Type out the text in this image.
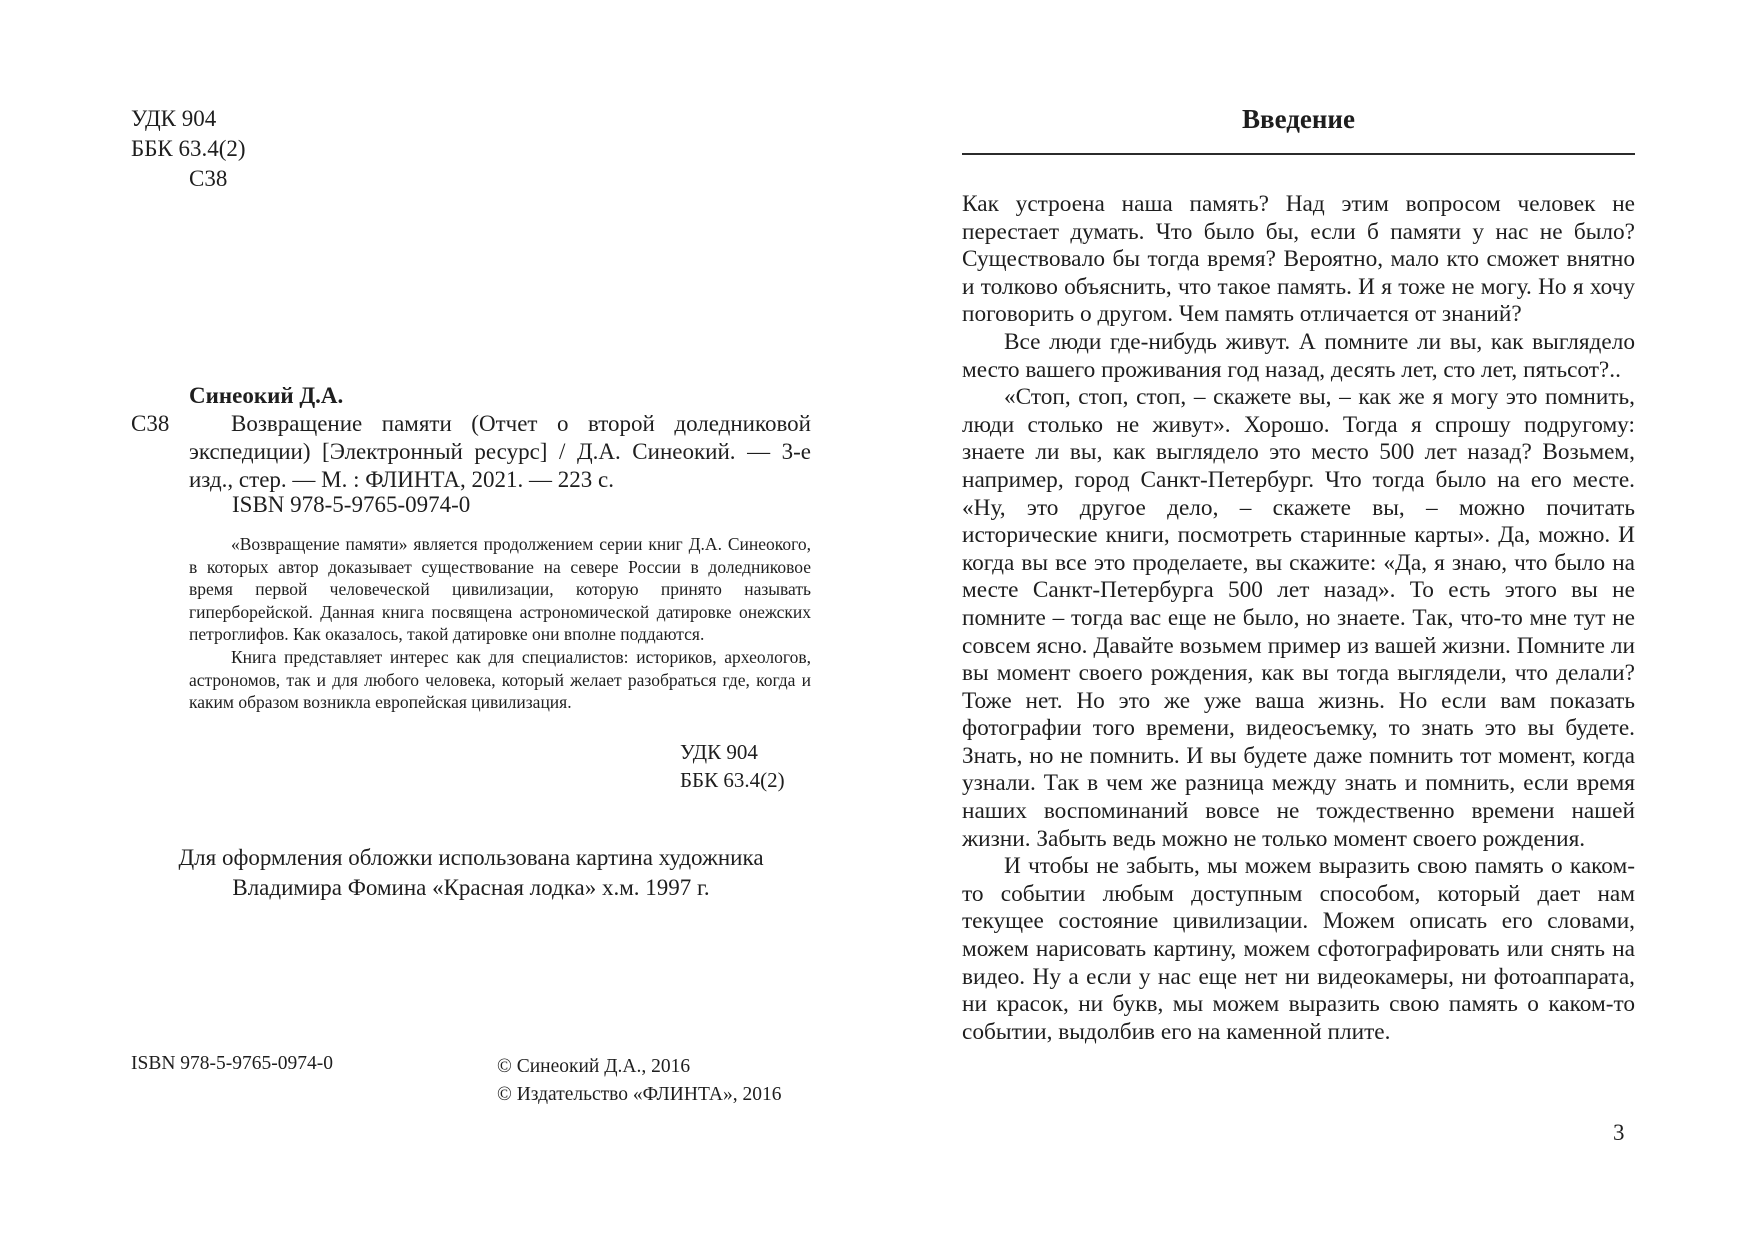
УДК 904
ББК 63.4(2)
С38
Синеокий Д.А.
С38	Возвращение памяти (Отчет о второй доледниковой экспедиции) [Электронный ресурс] / Д.А. Синеокий. — 3-е изд., стер. — М. : ФЛИНТА, 2021. — 223 с.
ISBN 978-5-9765-0974-0

«Возвращение памяти» является продолжением серии книг Д.А. Синеокого, в которых автор доказывает существование на севере России в доледниковое время первой человеческой цивилизации, которую принято называть гиперборейской. Данная книга посвящена астрономической датировке онежских петроглифов. Как оказалось, такой датировке они вполне поддаются.

Книга представляет интерес как для специалистов: историков, археологов, астрономов, так и для любого человека, который желает разобраться где, когда и каким образом возникла европейская цивилизация.

УДК 904
ББК 63.4(2)
Для оформления обложки использована картина художника
Владимира Фомина «Красная лодка» х.м. 1997 г.
ISBN 978-5-9765-0974-0	© Синеокий Д.А., 2016
© Издательство «ФЛИНТА», 2016
Введение

Как устроена наша память? Над этим вопросом человек не перестает думать. Что было бы, если б памяти у нас не было? Существовало бы тогда время? Вероятно, мало кто сможет внятно и толково объяснить, что такое память. И я тоже не могу. Но я хочу поговорить о другом. Чем память отличается от знаний?

Все люди где-нибудь живут. А помните ли вы, как выглядело место вашего проживания год назад, десять лет, сто лет, пятьсот?..

«Стоп, стоп, стоп, – скажете вы, – как же я могу это помнить, люди столько не живут». Хорошо. Тогда я спрошу подругому: знаете ли вы, как выглядело это место 500 лет назад? Возьмем, например, город Санкт-Петербург. Что тогда было на его месте. «Ну, это другое дело, – скажете вы, – можно почитать исторические книги, посмотреть старинные карты». Да, можно. И когда вы все это проделаете, вы скажите: «Да, я знаю, что было на месте Санкт-Петербурга 500 лет назад». То есть этого вы не помните – тогда вас еще не было, но знаете. Так, что-то мне тут не совсем ясно. Давайте возьмем пример из вашей жизни. Помните ли вы момент своего рождения, как вы тогда выглядели, что делали? Тоже нет. Но это же уже ваша жизнь. Но если вам показать фотографии того времени, видеосъемку, то знать это вы будете. Знать, но не помнить. И вы будете даже помнить тот момент, когда узнали. Так в чем же разница между знать и помнить, если время наших воспоминаний вовсе не тождественно времени нашей жизни. Забыть ведь можно не только момент своего рождения.

И чтобы не забыть, мы можем выразить свою память о каком-то событии любым доступным способом, который дает нам текущее состояние цивилизации. Можем описать его словами, можем нарисовать картину, можем сфотографировать или снять на видео. Ну а если у нас еще нет ни видеокамеры, ни фотоаппарата, ни красок, ни букв, мы можем выразить свою память о каком-то событии, выдолбив его на каменной плите.

3
